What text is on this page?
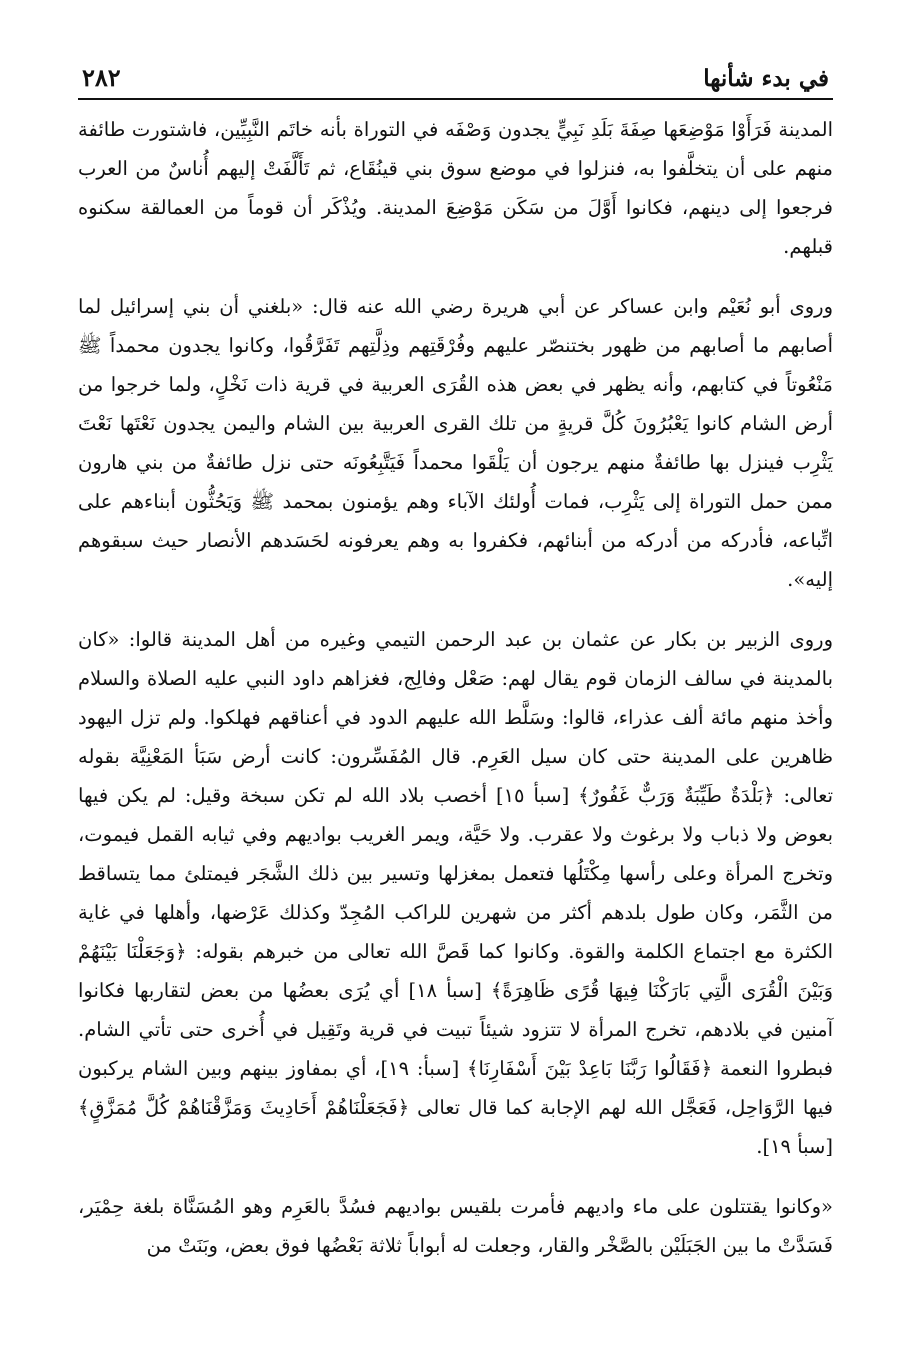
في بدء شأنها
٢٨٢

المدينة فَرَأَوْا مَوْضِعَها صِفَةَ بَلَدِ نَبِيٍّ يجدون وَصْفَه في التوراة بأنه خاتَم النَّبِيِّين، فاشتورت طائفة منهم على أن يتخلَّفوا به، فنزلوا في موضع سوق بني قينُقَاع، ثم تَأَلَّفَتْ إليهم أُناسٌ من العرب فرجعوا إلى دينهم، فكانوا أَوَّلَ من سَكَن مَوْضِعَ المدينة. ويُذْكَر أن قوماً من العمالقة سكنوه قبلهم.

وروى أبو نُعَيْم وابن عساكر عن أبي هريرة رضي الله عنه قال: «بلغني أن بني إسرائيل لما أصابهم ما أصابهم من ظهور بختنصّر عليهم وفُرْقَتِهم وذِلَّتِهم تَفَرَّقُوا، وكانوا يجدون محمداً ﷺ مَنْعُوتاً في كتابهم، وأنه يظهر في بعض هذه القُرَى العربية في قرية ذات نَخْلٍ، ولما خرجوا من أرض الشام كانوا يَعْبُرُونَ كُلَّ قريةٍ من تلك القرى العربية بين الشام واليمن يجدون نَعْتَها نَعْتَ يَثْرِب فينزل بها طائفةٌ منهم يرجون أن يَلْقَوا محمداً فَيَتَّبِعُونَه حتى نزل طائفةٌ من بني هارون ممن حمل التوراة إلى يَثْرِب، فمات أُولئك الآباء وهم يؤمنون بمحمد ﷺ وَيَحُثُّون أبناءهم على اتِّباعه، فأدركه من أدركه من أبنائهم، فكفروا به وهم يعرفونه لحَسَدهم الأنصار حيث سبقوهم إليه».

وروى الزبير بن بكار عن عثمان بن عبد الرحمن التيمي وغيره من أهل المدينة قالوا: «كان بالمدينة في سالف الزمان قوم يقال لهم: صَعْل وفالِج، فغزاهم داود النبي عليه الصلاة والسلام وأخذ منهم مائة ألف عذراء، قالوا: وسَلَّط الله عليهم الدود في أعناقهم فهلكوا. ولم تزل اليهود ظاهرين على المدينة حتى كان سيل العَرِم. قال المُفَسِّرون: كانت أرض سَبَأ المَعْنِيَّة بقوله تعالى: ﴿بَلْدَةٌ طَيِّبَةٌ وَرَبٌّ غَفُورٌ﴾ [سبأ ١٥] أخصب بلاد الله لم تكن سبخة وقيل: لم يكن فيها بعوض ولا ذباب ولا برغوث ولا عقرب. ولا حَيَّة، ويمر الغريب بواديهم وفي ثيابه القمل فيموت، وتخرج المرأة وعلى رأسها مِكْتَلُها فتعمل بمغزلها وتسير بين ذلك الشَّجَر فيمتلئ مما يتساقط من الثَّمَر، وكان طول بلدهم أكثر من شهرين للراكب المُجِدّ وكذلك عَرْضها، وأهلها في غاية الكثرة مع اجتماع الكلمة والقوة. وكانوا كما قَصَّ الله تعالى من خبرهم بقوله: ﴿وَجَعَلْنَا بَيْنَهُمْ وَبَيْنَ الْقُرَى الَّتِي بَارَكْنَا فِيهَا قُرًى ظَاهِرَةً﴾ [سبأ ١٨] أي يُرَى بعضُها من بعض لتقاربها فكانوا آمنين في بلادهم، تخرج المرأة لا تتزود شيئاً تبيت في قرية وتَقِيل في أُخرى حتى تأتي الشام. فبطروا النعمة ﴿فَقَالُوا رَبَّنَا بَاعِدْ بَيْنَ أَسْفَارِنَا﴾ [سبأ: ١٩]، أي بمفاوز بينهم وبين الشام يركبون فيها الرَّوَاحِل، فَعَجَّل الله لهم الإجابة كما قال تعالى ﴿فَجَعَلْنَاهُمْ أَحَادِيثَ وَمَزَّقْنَاهُمْ كُلَّ مُمَزَّقٍ﴾ [سبأ ١٩].

«وكانوا يقتتلون على ماء واديهم فأمرت بلقيس بواديهم فسُدَّ بالعَرِم وهو المُسَنَّاة بلغة حِمْيَر، فَسَدَّتْ ما بين الجَبَلَيْن بالصَّخْر والقار، وجعلت له أبواباً ثلاثة بَعْضُها فوق بعض، وبَنَتْ من
